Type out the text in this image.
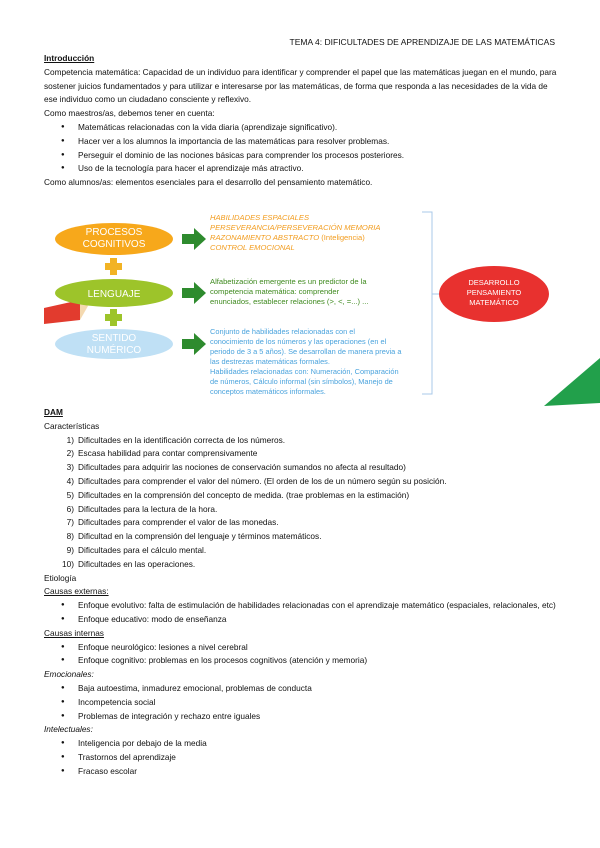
TEMA 4: DIFICULTADES DE APRENDIZAJE DE LAS MATEMÁTICAS
Introducción
Competencia matemática: Capacidad de un individuo para identificar y comprender el papel que las matemáticas juegan en el mundo, para sostener juicios fundamentados y para utilizar e interesarse por las matemáticas, de forma que responda a las necesidades de la vida de ese individuo como un ciudadano consciente y reflexivo.
Como maestros/as, debemos tener en cuenta:
● Matemáticas relacionadas con la vida diaria (aprendizaje significativo).
● Hacer ver a los alumnos la importancia de las matemáticas para resolver problemas.
● Perseguir el dominio de las nociones básicas para comprender los procesos posteriores.
● Uso de la tecnología para hacer el aprendizaje más atractivo.
Como alumnos/as: elementos esenciales para el desarrollo del pensamiento matemático.
PROCESOS
COGNITIVOS
LENGUAJE
SENTIDO
NUMÉRICO
HABILIDADES ESPACIALES PERSEVERANCIA/PERSEVERACIÓN MEMORIA RAZONAMIENTO ABSTRACTO (Inteligencia) CONTROL EMOCIONAL
Alfabetización emergente es un predictor de la competencia matemática: comprender enunciados, establecer relaciones (>, <, =...) ...
Conjunto de habilidades relacionadas con el conocimiento de los números y las operaciones (en el periodo de 3 a 5 años). Se desarrollan de manera previa a las destrezas matemáticas formales. Habilidades relacionadas con: Numeración, Comparación de números, Cálculo informal (sin símbolos), Manejo de conceptos matemáticos informales.
DESARROLLO
PENSAMIENTO
MATEMÁTICO
DAM
Características
1) Dificultades en la identificación correcta de los números.
2) Escasa habilidad para contar comprensivamente
3) Dificultades para adquirir las nociones de conservación sumandos no afecta al resultado)
4) Dificultades para comprender el valor del número. (El orden de los de un número según su posición.
5) Dificultades en la comprensión del concepto de medida. (trae problemas en la estimación)
6) Dificultades para la lectura de la hora.
7) Dificultades para comprender el valor de las monedas.
8) Dificultad en la comprensión del lenguaje y términos matemáticos.
9) Dificultades para el cálculo mental.
10) Dificultades en las operaciones.
Etiología
Causas externas:
● Enfoque evolutivo: falta de estimulación de habilidades relacionadas con el aprendizaje matemático (espaciales, relacionales, etc)
● Enfoque educativo: modo de enseñanza
Causas internas
● Enfoque neurológico: lesiones a nivel cerebral
● Enfoque cognitivo: problemas en los procesos cognitivos (atención y memoria)
Emocionales:
● Baja autoestima, inmadurez emocional, problemas de conducta
● Incompetencia social
● Problemas de integración y rechazo entre iguales
Intelectuales:
● Inteligencia por debajo de la media
● Trastornos del aprendizaje
● Fracaso escolar
